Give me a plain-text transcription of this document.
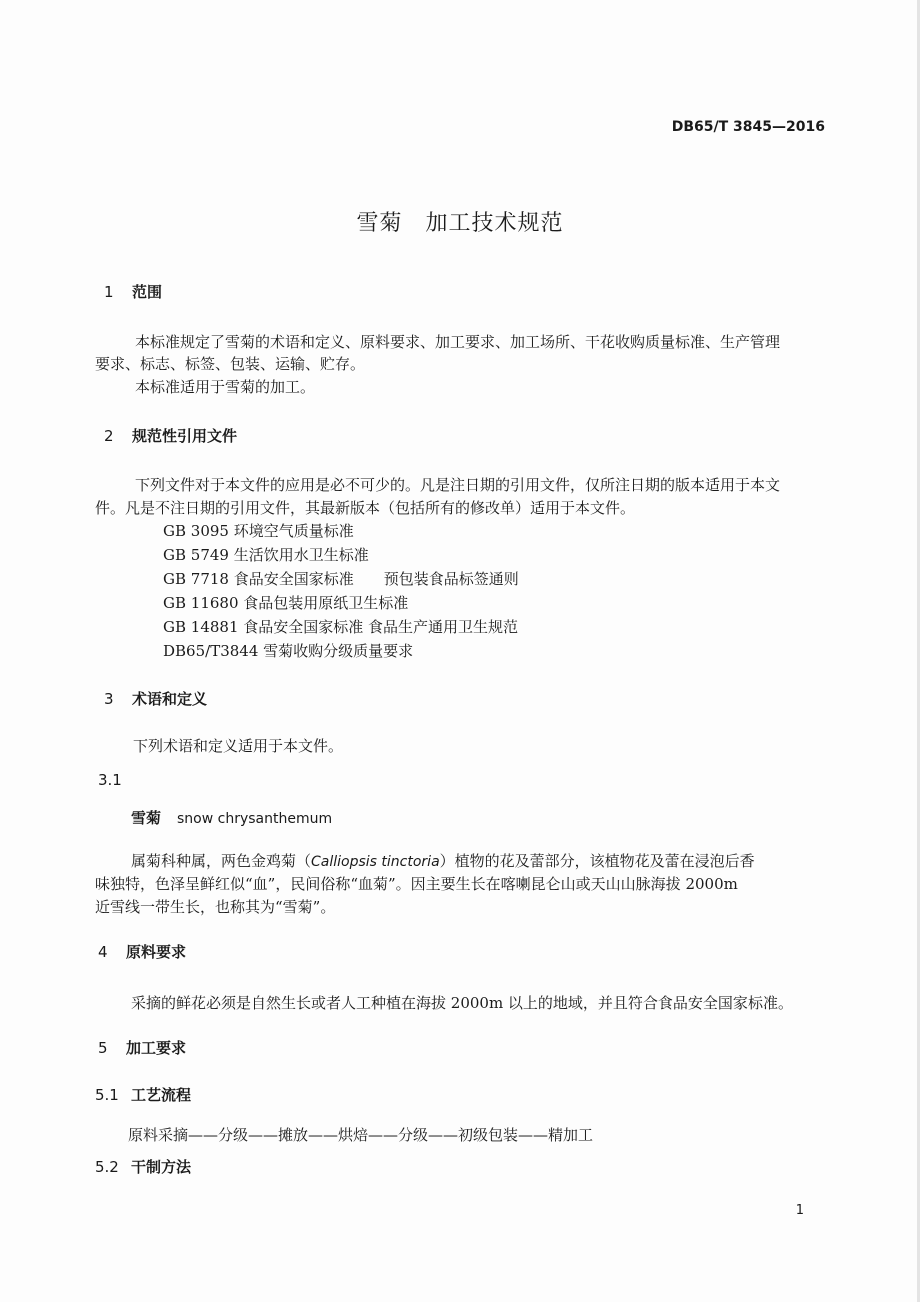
DB65/T 3845—2016
雪菊　加工技术规范
1 范围
本标准规定了雪菊的术语和定义、原料要求、加工要求、加工场所、干花收购质量标准、生产管理
要求、标志、标签、包装、运输、贮存。
本标准适用于雪菊的加工。
2 规范性引用文件
下列文件对于本文件的应用是必不可少的。凡是注日期的引用文件，仅所注日期的版本适用于本文
件。凡是不注日期的引用文件，其最新版本（包括所有的修改单）适用于本文件。
GB 3095 环境空气质量标准
GB 5749 生活饮用水卫生标准
GB 7718 食品安全国家标准　　预包装食品标签通则
GB 11680 食品包装用原纸卫生标准
GB 14881 食品安全国家标准 食品生产通用卫生规范
DB65/T3844 雪菊收购分级质量要求
3 术语和定义
下列术语和定义适用于本文件。
3.1
雪菊 snow chrysanthemum
属菊科种属，两色金鸡菊（Calliopsis tinctoria）植物的花及蕾部分，该植物花及蕾在浸泡后香
味独特，色泽呈鲜红似“血”，民间俗称“血菊”。因主要生长在喀喇昆仑山或天山山脉海拔 2000m
近雪线一带生长，也称其为“雪菊”。
4 原料要求
采摘的鲜花必须是自然生长或者人工种植在海拔 2000m 以上的地域，并且符合食品安全国家标准。
5 加工要求
5.1 工艺流程
原料采摘——分级——摊放——烘焙——分级——初级包装——精加工
5.2 干制方法
1
